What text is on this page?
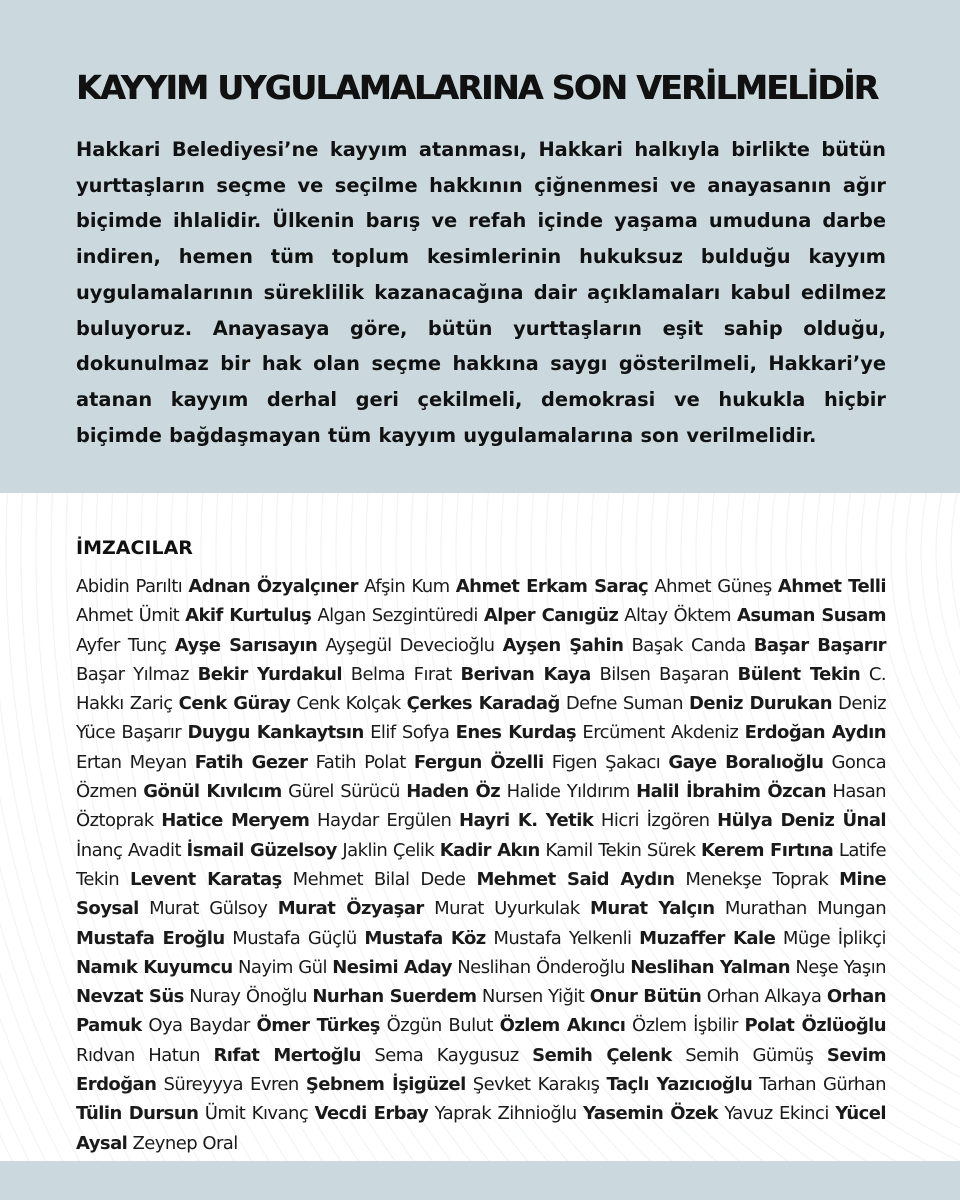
KAYYIM UYGULAMALARINA SON VERİLMELİDİR

Hakkari Belediyesi’ne kayyım atanması, Hakkari halkıyla birlikte bütün yurttaşların seçme ve seçilme hakkının çiğnenmesi ve anayasanın ağır biçimde ihlalidir. Ülkenin barış ve refah içinde yaşama umuduna darbe indiren, hemen tüm toplum kesimlerinin hukuksuz bulduğu kayyım uygulamalarının süreklilik kazanacağına dair açıklamaları kabul edilmez buluyoruz. Anayasaya göre, bütün yurttaşların eşit sahip olduğu, dokunulmaz bir hak olan seçme hakkına saygı gösterilmeli, Hakkari’ye atanan kayyım derhal geri çekilmeli, demokrasi ve hukukla hiçbir biçimde bağdaşmayan tüm kayyım uygulamalarına son verilmelidir.

İMZACILAR

Abidin Parıltı Adnan Özyalçıner Afşin Kum Ahmet Erkam Saraç Ahmet Güneş Ahmet Telli Ahmet Ümit Akif Kurtuluş Algan Sezgintüredi Alper Canıgüz Altay Öktem Asuman Susam Ayfer Tunç Ayşe Sarısayın Ayşegül Devecioğlu Ayşen Şahin Başak Canda Başar Başarır Başar Yılmaz Bekir Yurdakul Belma Fırat Berivan Kaya Bilsen Başaran Bülent Tekin C. Hakkı Zariç Cenk Güray Cenk Kolçak Çerkes Karadağ Defne Suman Deniz Durukan Deniz Yüce Başarır Duygu Kankaytsın Elif Sofya Enes Kurdaş Ercüment Akdeniz Erdoğan Aydın Ertan Meyan Fatih Gezer Fatih Polat Fergun Özelli Figen Şakacı Gaye Boralıoğlu Gonca Özmen Gönül Kıvılcım Gürel Sürücü Haden Öz Halide Yıldırım Halil İbrahim Özcan Hasan Öztoprak Hatice Meryem Haydar Ergülen Hayri K. Yetik Hicri İzgören Hülya Deniz Ünal İnanç Avadit İsmail Güzelsoy Jaklin Çelik Kadir Akın Kamil Tekin Sürek Kerem Fırtına Latife Tekin Levent Karataş Mehmet Bilal Dede Mehmet Said Aydın Menekşe Toprak Mine Soysal Murat Gülsoy Murat Özyaşar Murat Uyurkulak Murat Yalçın Murathan Mungan Mustafa Eroğlu Mustafa Güçlü Mustafa Köz Mustafa Yelkenli Muzaffer Kale Müge İplikçi Namık Kuyumcu Nayim Gül Nesimi Aday Neslihan Önderoğlu Neslihan Yalman Neşe Yaşın Nevzat Süs Nuray Önoğlu Nurhan Suerdem Nursen Yiğit Onur Bütün Orhan Alkaya Orhan Pamuk Oya Baydar Ömer Türkeş Özgün Bulut Özlem Akıncı Özlem İşbilir Polat Özlüoğlu Rıdvan Hatun Rıfat Mertoğlu Sema Kaygusuz Semih Çelenk Semih Gümüş Sevim Erdoğan Süreyyya Evren Şebnem İşigüzel Şevket Karakış Taçlı Yazıcıoğlu Tarhan Gürhan Tülin Dursun Ümit Kıvanç Vecdi Erbay Yaprak Zihnioğlu Yasemin Özek Yavuz Ekinci Yücel Aysal Zeynep Oral
